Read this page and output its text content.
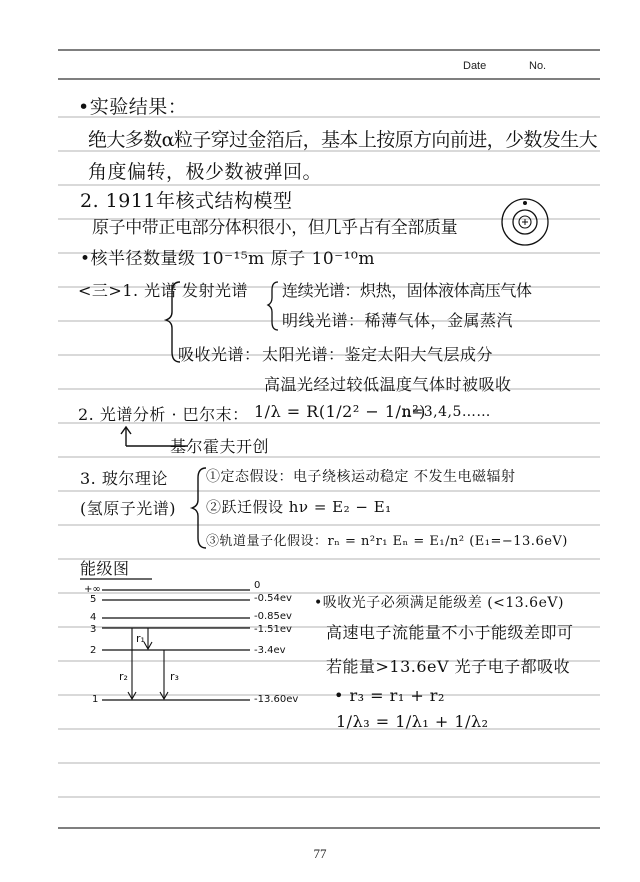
Date	No.
•实验结果：
绝大多数α粒子穿过金箔后，基本上按原方向前进，少数发生大
角度偏转，极少数被弹回。
2. 1911年核式结构模型
原子中带正电部分体积很小，但几乎占有全部质量
•核半径数量级 10⁻¹⁵m 原子 10⁻¹⁰m
<三>1. 光谱 发射光谱 连续光谱：炽热，固体液体高压气体
明线光谱：稀薄气体，金属蒸汽
吸收光谱： 太阳光谱：鉴定太阳大气层成分
高温光经过较低温度气体时被吸收
2. 光谱分析 · 巴尔末： 1/λ = R(1/2² − 1/n²)
n=3,4,5……
基尔霍夫开创
3. 玻尔理论	①定态假设：电子绕核运动稳定 不发生电磁辐射
(氢原子光谱) ②跃迁假设 hν = E₂ − E₁
③轨道量子化假设：rₙ = n²r₁ Eₙ = E₁/n² (E₁=−13.6eV)
能级图
r₂
r₁
r₃
+∞
5
4
3
2
1
0
-0.54ev
-0.85ev
-1.51ev
-3.4ev
-13.60ev
•吸收光子必须满足能级差 (<13.6eV)
高速电子流能量不小于能级差即可
若能量>13.6eV 光子电子都吸收
• r₃ = r₁ + r₂
1/λ₃ = 1/λ₁ + 1/λ₂
77
